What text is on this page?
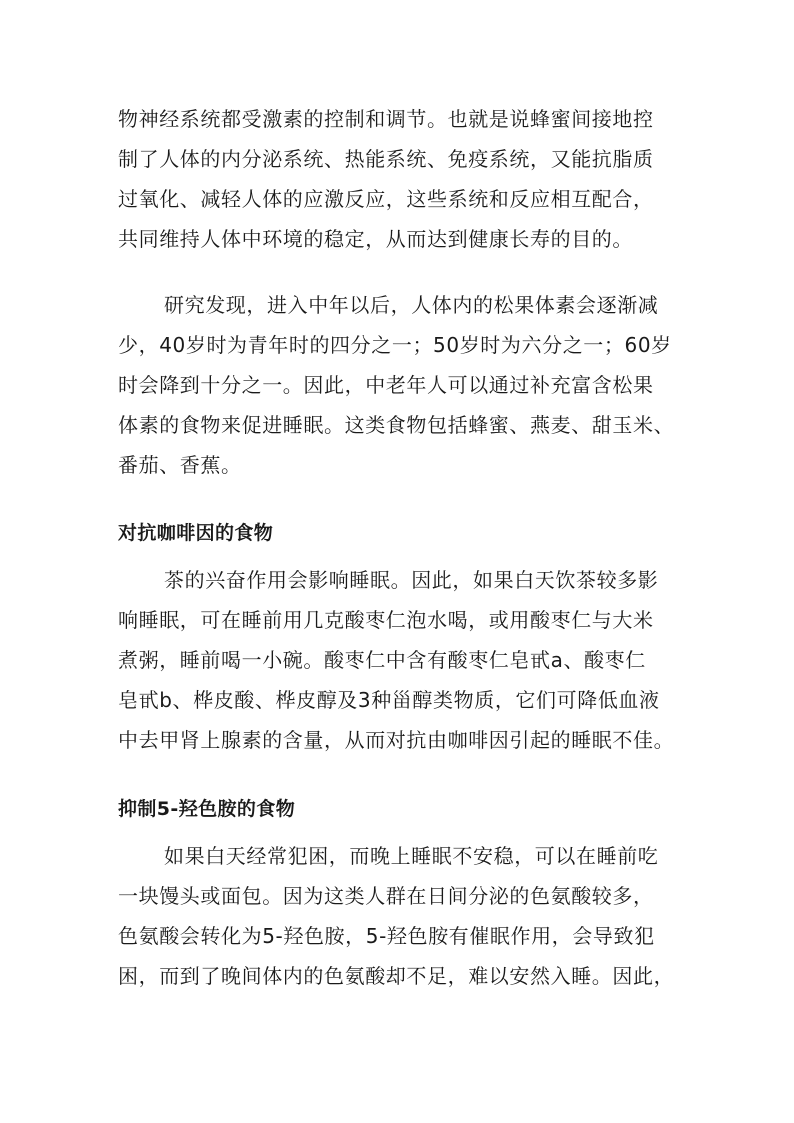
物神经系统都受激素的控制和调节。也就是说蜂蜜间接地控
制了人体的内分泌系统、热能系统、免疫系统，又能抗脂质
过氧化、减轻人体的应激反应，这些系统和反应相互配合，
共同维持人体中环境的稳定，从而达到健康长寿的目的。
研究发现，进入中年以后，人体内的松果体素会逐渐减
少，40岁时为青年时的四分之一；50岁时为六分之一；60岁
时会降到十分之一。因此，中老年人可以通过补充富含松果
体素的食物来促进睡眠。这类食物包括蜂蜜、燕麦、甜玉米、
番茄、香蕉。
对抗咖啡因的食物
茶的兴奋作用会影响睡眠。因此，如果白天饮茶较多影
响睡眠，可在睡前用几克酸枣仁泡水喝，或用酸枣仁与大米
煮粥，睡前喝一小碗。酸枣仁中含有酸枣仁皂甙a、酸枣仁
皂甙b、桦皮酸、桦皮醇及3种甾醇类物质，它们可降低血液
中去甲肾上腺素的含量，从而对抗由咖啡因引起的睡眠不佳。
抑制5-羟色胺的食物
如果白天经常犯困，而晚上睡眠不安稳，可以在睡前吃
一块馒头或面包。因为这类人群在日间分泌的色氨酸较多，
色氨酸会转化为5-羟色胺，5-羟色胺有催眠作用，会导致犯
困，而到了晚间体内的色氨酸却不足，难以安然入睡。因此，
